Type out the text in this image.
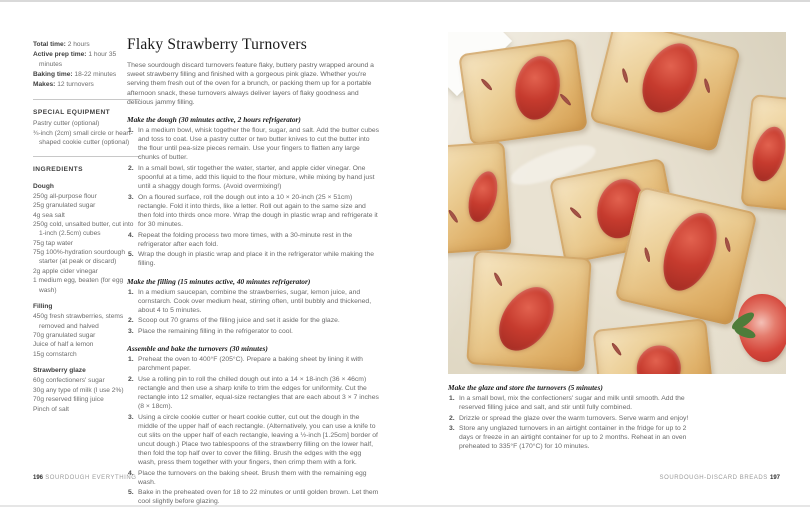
Total time: 2 hours

Active prep time: 1 hour 35 minutes

Baking time: 18-22 minutes

Makes: 12 turnovers

SPECIAL EQUIPMENT

Pastry cutter (optional)

¾-inch (2cm) small circle or heart-shaped cookie cutter (optional)

INGREDIENTS
Dough

250g all-purpose flour

25g granulated sugar

4g sea salt

250g cold, unsalted butter, cut into 1-inch (2.5cm) cubes

75g tap water

75g 100%-hydration sourdough starter (at peak or discard)

2g apple cider vinegar

1 medium egg, beaten (for egg wash)

Filling

450g fresh strawberries, stems removed and halved

70g granulated sugar

Juice of half a lemon

15g cornstarch

Strawberry glaze

60g confectioners' sugar

30g any type of milk (I use 2%)

70g reserved filling juice

Pinch of salt

Flaky Strawberry Turnovers

These sourdough discard turnovers feature flaky, buttery pastry wrapped around a sweet strawberry filling and finished with a gorgeous pink glaze. Whether you're serving them fresh out of the oven for a brunch, or packing them up for a portable afternoon snack, these turnovers always deliver layers of flaky goodness and delicious jammy filling.

Make the dough (30 minutes active, 2 hours refrigerator)
In a medium bowl, whisk together the flour, sugar, and salt. Add the butter cubes and toss to coat. Use a pastry cutter or two butter knives to cut the butter into the flour until pea-size pieces remain. Use your fingers to flatten any large chunks of butter.
In a small bowl, stir together the water, starter, and apple cider vinegar. One spoonful at a time, add this liquid to the flour mixture, while mixing by hand just until a shaggy dough forms. (Avoid overmixing!)
On a floured surface, roll the dough out into a 10 × 20-inch (25 × 51cm) rectangle. Fold it into thirds, like a letter. Roll out again to the same size and then fold into thirds once more. Wrap the dough in plastic wrap and refrigerate it for 30 minutes.
Repeat the folding process two more times, with a 30-minute rest in the refrigerator after each fold.
Wrap the dough in plastic wrap and place it in the refrigerator while making the filling.
Make the filling (15 minutes active, 40 minutes refrigerator)
In a medium saucepan, combine the strawberries, sugar, lemon juice, and cornstarch. Cook over medium heat, stirring often, until bubbly and thickened, about 4 to 5 minutes.
Scoop out 70 grams of the filling juice and set it aside for the glaze.
Place the remaining filling in the refrigerator to cool.
Assemble and bake the turnovers (30 minutes)
Preheat the oven to 400°F (205°C). Prepare a baking sheet by lining it with parchment paper.
Use a rolling pin to roll the chilled dough out into a 14 × 18-inch (36 × 46cm) rectangle and then use a sharp knife to trim the edges for uniformity. Cut the rectangle into 12 smaller, equal-size rectangles that are each about 3 × 7 inches (8 × 18cm).
Using a circle cookie cutter or heart cookie cutter, cut out the dough in the middle of the upper half of each rectangle. (Alternatively, you can use a knife to cut slits on the upper half of each rectangle, leaving a ½-inch [1.25cm] border of uncut dough.) Place two tablespoons of the strawberry filling on the lower half, then fold the top half over to cover the filling. Brush the edges with the egg wash, press them together with your fingers, then crimp them with a fork.
Place the turnovers on the baking sheet. Brush them with the remaining egg wash.
Bake in the preheated oven for 18 to 22 minutes or until golden brown. Let them cool slightly before glazing.
196 SOURDOUGH EVERYTHING
Make the glaze and store the turnovers (5 minutes)
In a small bowl, mix the confectioners' sugar and milk until smooth. Add the reserved filling juice and salt, and stir until fully combined.
Drizzle or spread the glaze over the warm turnovers. Serve warm and enjoy!
Store any unglazed turnovers in an airtight container in the fridge for up to 2 days or freeze in an airtight container for up to 2 months. Reheat in an oven preheated to 335°F (170°C) for 10 minutes.
SOURDOUGH-DISCARD BREADS 197
